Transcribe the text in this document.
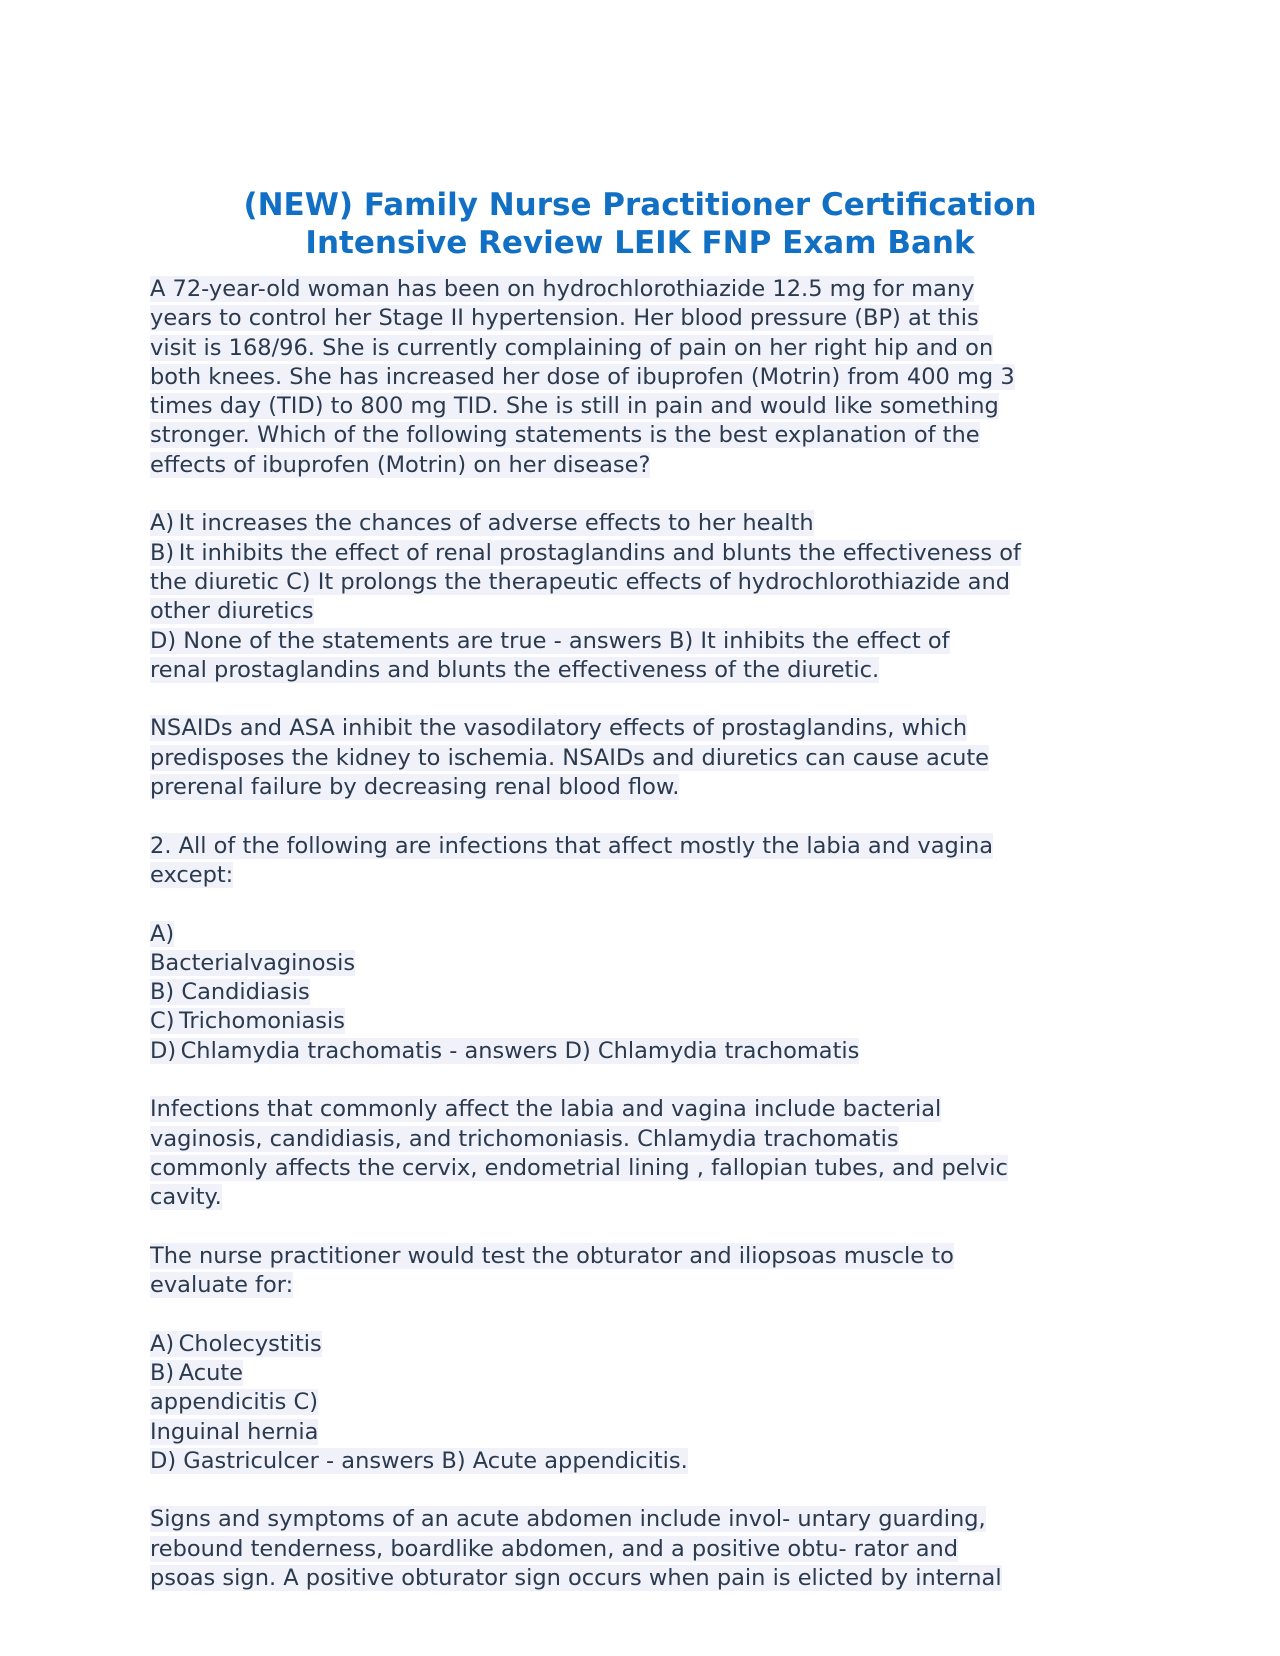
(NEW) Family Nurse Practitioner Certification
Intensive Review LEIK FNP Exam Bank
A 72-year-old woman has been on hydrochlorothiazide 12.5 mg for many
years to control her Stage II hypertension. Her blood pressure (BP) at this
visit is 168/96. She is currently complaining of pain on her right hip and on
both knees. She has increased her dose of ibuprofen (Motrin) from 400 mg 3
times day (TID) to 800 mg TID. She is still in pain and would like something
stronger. Which of the following statements is the best explanation of the
effects of ibuprofen (Motrin) on her disease?
A) It increases the chances of adverse effects to her health
B) It inhibits the effect of renal prostaglandins and blunts the effectiveness of
the diuretic C) It prolongs the therapeutic effects of hydrochlorothiazide and
other diuretics
D) None of the statements are true - answers B) It inhibits the effect of
renal prostaglandins and blunts the effectiveness of the diuretic.
NSAIDs and ASA inhibit the vasodilatory effects of prostaglandins, which
predisposes the kidney to ischemia. NSAIDs and diuretics can cause acute
prerenal failure by decreasing renal blood flow.
2. All of the following are infections that affect mostly the labia and vagina
except:
A)
Bacterialvaginosis
B) Candidiasis
C) Trichomoniasis
D) Chlamydia trachomatis - answers D) Chlamydia trachomatis
Infections that commonly affect the labia and vagina include bacterial
vaginosis, candidiasis, and trichomoniasis. Chlamydia trachomatis
commonly affects the cervix, endometrial lining , fallopian tubes, and pelvic
cavity.
The nurse practitioner would test the obturator and iliopsoas muscle to
evaluate for:
A) Cholecystitis
B) Acute
appendicitis C)
Inguinal hernia
D) Gastriculcer - answers B) Acute appendicitis.
Signs and symptoms of an acute abdomen include invol- untary guarding,
rebound tenderness, boardlike abdomen, and a positive obtu- rator and
psoas sign. A positive obturator sign occurs when pain is elicted by internal
